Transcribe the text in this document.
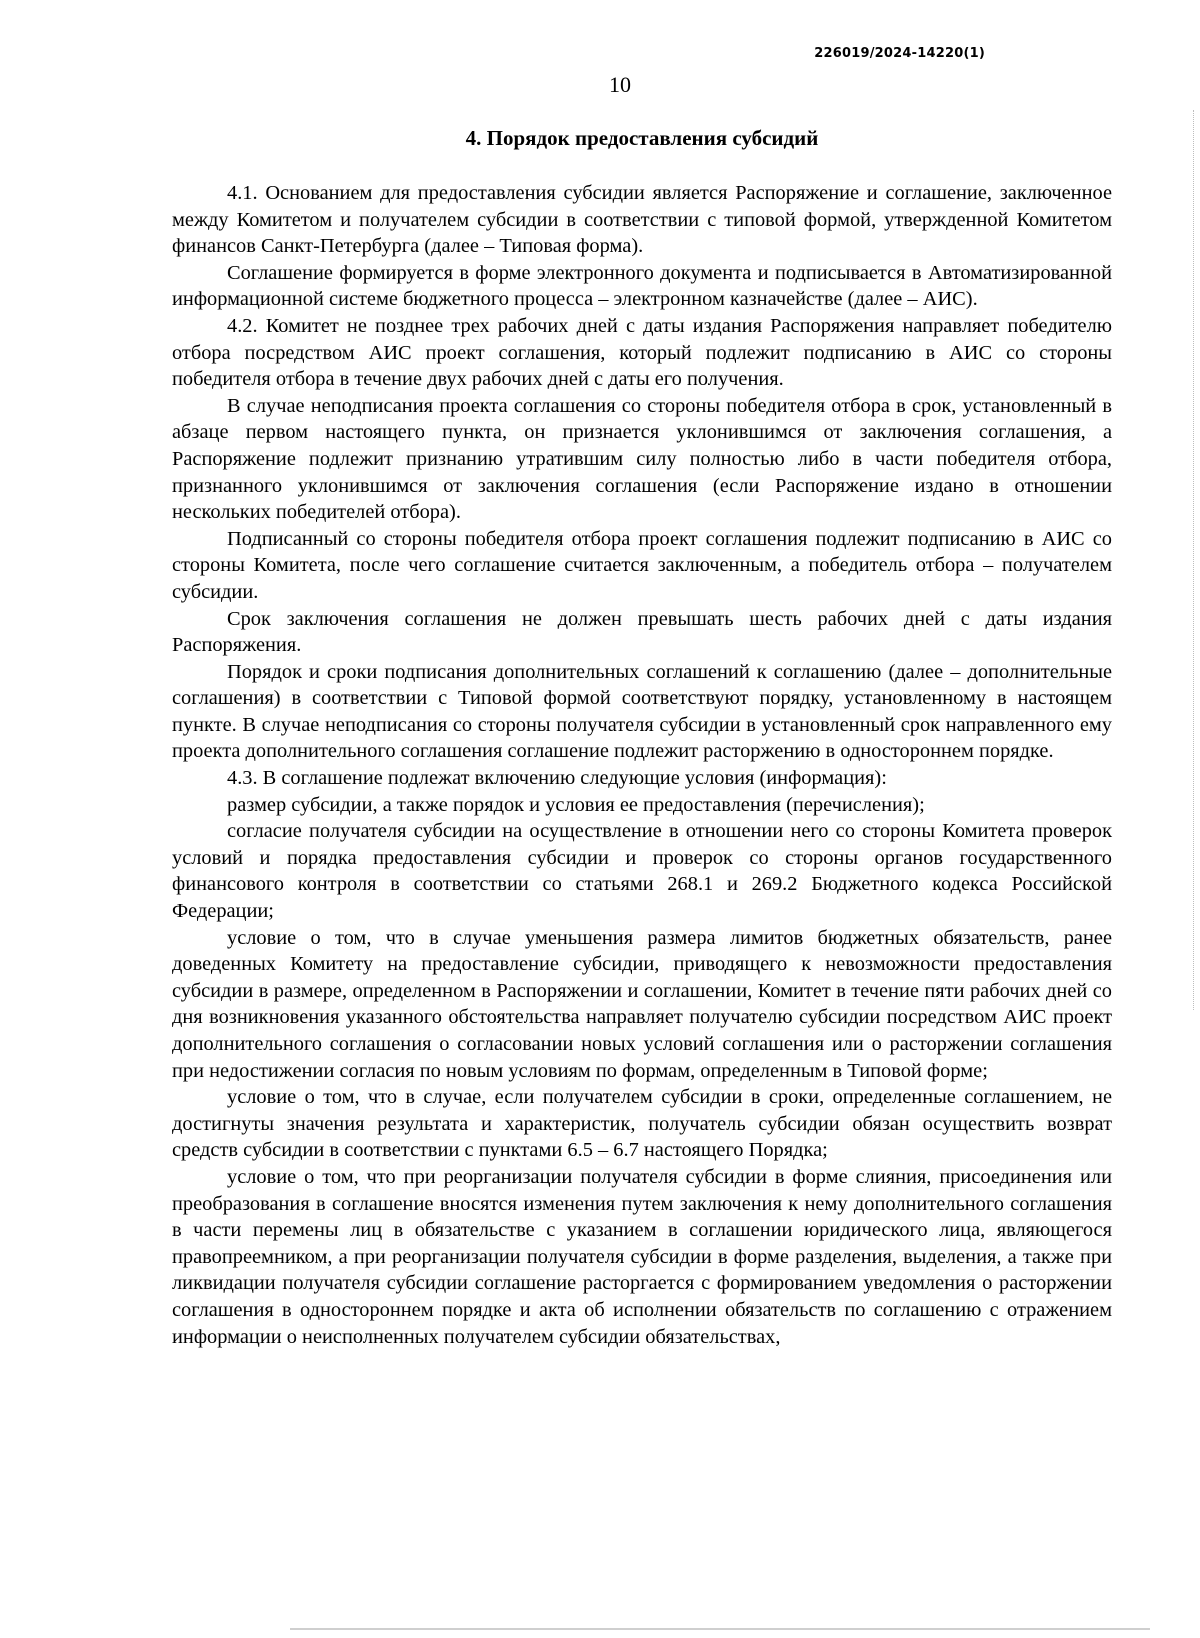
226019/2024-14220(1)
10
4. Порядок предоставления субсидий

4.1. Основанием для предоставления субсидии является Распоряжение и соглашение, заключенное между Комитетом и получателем субсидии в соответствии с типовой формой, утвержденной Комитетом финансов Санкт-Петербурга (далее – Типовая форма).

Соглашение формируется в форме электронного документа и подписывается в Автоматизированной информационной системе бюджетного процесса – электронном казначействе (далее – АИС).

4.2. Комитет не позднее трех рабочих дней с даты издания Распоряжения направляет победителю отбора посредством АИС проект соглашения, который подлежит подписанию в АИС со стороны победителя отбора в течение двух рабочих дней с даты его получения.

В случае неподписания проекта соглашения со стороны победителя отбора в срок, установленный в абзаце первом настоящего пункта, он признается уклонившимся от заключения соглашения, а Распоряжение подлежит признанию утратившим силу полностью либо в части победителя отбора, признанного уклонившимся от заключения соглашения (если Распоряжение издано в отношении нескольких победителей отбора).

Подписанный со стороны победителя отбора проект соглашения подлежит подписанию в АИС со стороны Комитета, после чего соглашение считается заключенным, а победитель отбора – получателем субсидии.

Срок заключения соглашения не должен превышать шесть рабочих дней с даты издания Распоряжения.

Порядок и сроки подписания дополнительных соглашений к соглашению (далее – дополнительные соглашения) в соответствии с Типовой формой соответствуют порядку, установленному в настоящем пункте. В случае неподписания со стороны получателя субсидии в установленный срок направленного ему проекта дополнительного соглашения соглашение подлежит расторжению в одностороннем порядке.

4.3. В соглашение подлежат включению следующие условия (информация):

размер субсидии, а также порядок и условия ее предоставления (перечисления);

согласие получателя субсидии на осуществление в отношении него со стороны Комитета проверок условий и порядка предоставления субсидии и проверок со стороны органов государственного финансового контроля в соответствии со статьями 268.1 и 269.2 Бюджетного кодекса Российской Федерации;

условие о том, что в случае уменьшения размера лимитов бюджетных обязательств, ранее доведенных Комитету на предоставление субсидии, приводящего к невозможности предоставления субсидии в размере, определенном в Распоряжении и соглашении, Комитет в течение пяти рабочих дней со дня возникновения указанного обстоятельства направляет получателю субсидии посредством АИС проект дополнительного соглашения о согласовании новых условий соглашения или о расторжении соглашения при недостижении согласия по новым условиям по формам, определенным в Типовой форме;

условие о том, что в случае, если получателем субсидии в сроки, определенные соглашением, не достигнуты значения результата и характеристик, получатель субсидии обязан осуществить возврат средств субсидии в соответствии с пунктами 6.5 – 6.7 настоящего Порядка;

условие о том, что при реорганизации получателя субсидии в форме слияния, присоединения или преобразования в соглашение вносятся изменения путем заключения к нему дополнительного соглашения в части перемены лиц в обязательстве с указанием в соглашении юридического лица, являющегося правопреемником, а при реорганизации получателя субсидии в форме разделения, выделения, а также при ликвидации получателя субсидии соглашение расторгается с формированием уведомления о расторжении соглашения в одностороннем порядке и акта об исполнении обязательств по соглашению с отражением информации о неисполненных получателем субсидии обязательствах,
